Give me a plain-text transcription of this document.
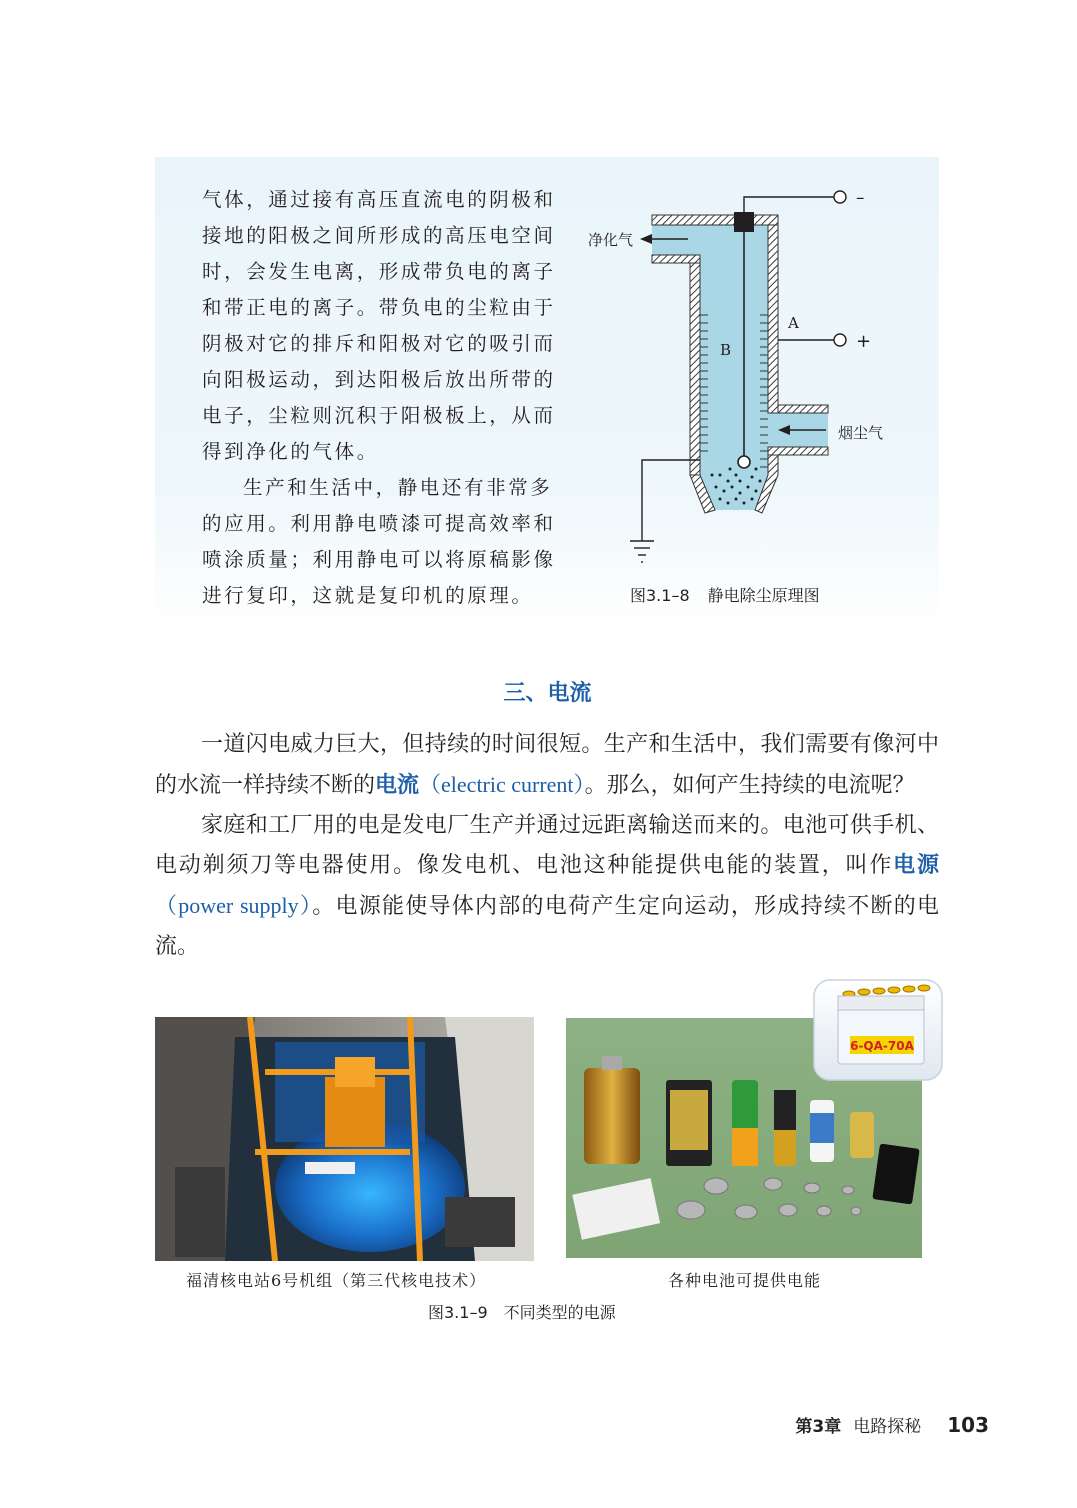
气体，通过接有高压直流电的阴极和接地的阳极之间所形成的高压电空间时，会发生电离，形成带负电的离子和带正电的离子。带负电的尘粒由于阴极对它的排斥和阳极对它的吸引而向阳极运动，到达阳极后放出所带的电子，尘粒则沉积于阳极板上，从而得到净化的气体。

生产和生活中，静电还有非常多的应用。利用静电喷漆可提高效率和喷涂质量；利用静电可以将原稿影像进行复印，这就是复印机的原理。

净化气
烟尘气
A
B
–
+
图3.1–8 静电除尘原理图
三、电流

一道闪电威力巨大，但持续的时间很短。生产和生活中，我们需要有像河中的水流一样持续不断的电流（electric current）。那么，如何产生持续的电流呢？

家庭和工厂用的电是发电厂生产并通过远距离输送而来的。电池可供手机、电动剃须刀等电器使用。像发电机、电池这种能提供电能的装置，叫作电源（power supply）。电源能使导体内部的电荷产生定向运动，形成持续不断的电流。

6-QA-70A
福清核电站6号机组（第三代核电技术）	各种电池可提供电能
图3.1–9 不同类型的电源
第3章 电路探秘 103
